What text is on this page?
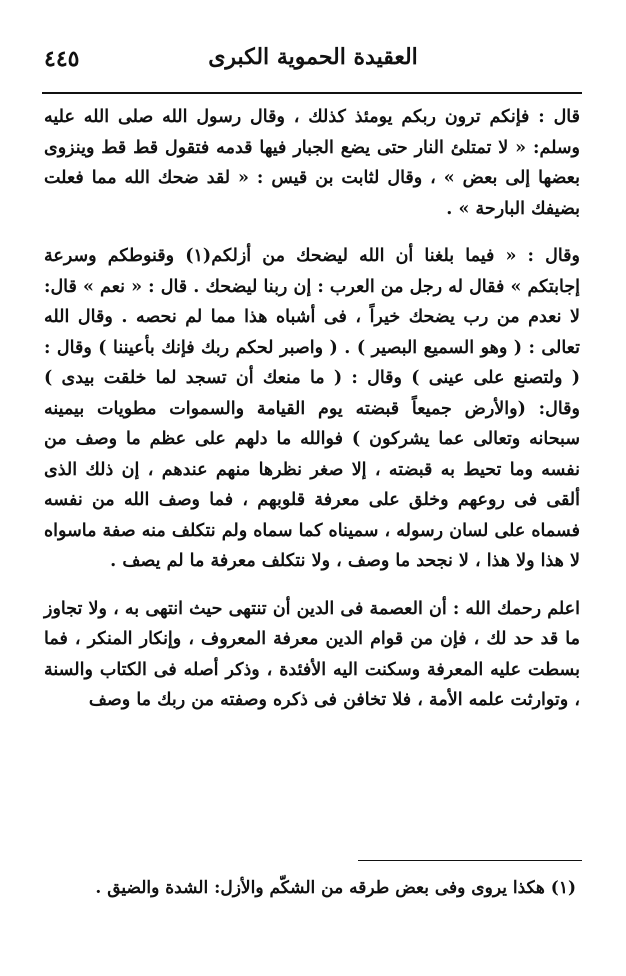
٤٤٥	العقيدة الحموية الكبرى

قال : فإنكم ترون ربكم يومئذ كذلك ، وقال رسول الله صلى الله عليه وسلم: « لا تمتلئ النار حتى يضع الجبار فيها قدمه فتقول قط قط وينزوى بعضها إلى بعض » ، وقال لثابت بن قيس : « لقد ضحك الله مما فعلت بضيفك البارحة » .

وقال : « فيما بلغنا أن الله ليضحك من أزلكم(١) وقنوطكم وسرعة إجابتكم » فقال له رجل من العرب : إن ربنا ليضحك . قال : « نعم » قال: لا نعدم من رب يضحك خيراً ، فى أشباه هذا مما لم نحصه . وقال الله تعالى : ( وهو السميع البصير ) . ( واصبر لحكم ربك فإنك بأعيننا ) وقال : ( ولتصنع على عينى ) وقال : ( ما منعك أن تسجد لما خلقت بيدى ) وقال: (والأرض جميعاً قبضته يوم القيامة والسموات مطويات بيمينه سبحانه وتعالى عما يشركون ) فوالله ما دلهم على عظم ما وصف من نفسه وما تحيط به قبضته ، إلا صغر نظرها منهم عندهم ، إن ذلك الذى ألقى فى روعهم وخلق على معرفة قلوبهم ، فما وصف الله من نفسه فسماه على لسان رسوله ، سميناه كما سماه ولم نتكلف منه صفة ماسواه لا هذا ولا هذا ، لا نجحد ما وصف ، ولا نتكلف معرفة ما لم يصف .

اعلم رحمك الله : أن العصمة فى الدين أن تنتهى حيث انتهى به ، ولا تجاوز ما قد حد لك ، فإن من قوام الدين معرفة المعروف ، وإنكار المنكر ، فما بسطت عليه المعرفة وسكنت اليه الأفئدة ، وذكر أصله فى الكتاب والسنة ، وتوارثت علمه الأمة ، فلا تخافن فى ذكره وصفته من ربك ما وصف

(١) هكذا يروى وفى بعض طرقه من الشكّم والأزل: الشدة والضيق .
